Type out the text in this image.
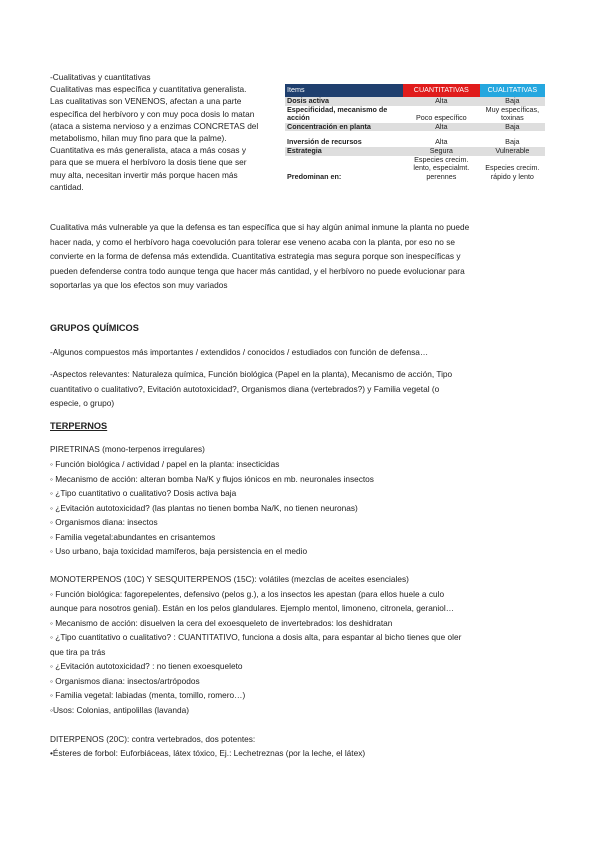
-Cualitativas y cuantitativas
Cualitativas mas específica y cuantitativa generalista.
Las cualitativas son VENENOS, afectan a una parte
específica del herbívoro y con muy poca dosis lo matan
(ataca a sistema nervioso y a enzimas CONCRETAS del
metabolismo, hilan muy fino para que la palme).
Cuantitativa es más generalista, ataca a más cosas y
para que se muera el herbívoro la dosis tiene que ser
muy alta, necesitan invertir más porque hacen más
cantidad.
Items	CUANTITATIVAS	CUALITATIVAS
Dosis activa	Alta	Baja
Especificidad, mecanismo de acción	Poco específico	Muy específicas, toxinas
Concentración en planta	Alta	Baja

Inversión de recursos	Alta	Baja
Estrategia	Segura	Vulnerable
Predominan en:	Especies crecim. lento, especialmt. perennes	Especies crecim. rápido y lento
Cualitativa más vulnerable ya que la defensa es tan específica que si hay algún animal inmune la planta no puede
hacer nada, y como el herbívoro haga coevolución para tolerar ese veneno acaba con la planta, por eso no se
convierte en la forma de defensa más extendida. Cuantitativa estrategia mas segura porque son inespecíficas y
pueden defenderse contra todo aunque tenga que hacer más cantidad, y el herbívoro no puede evolucionar para
soportarlas ya que los efectos son muy variados
GRUPOS QUÍMICOS
-Algunos compuestos más importantes / extendidos / conocidos / estudiados con función de defensa…
-Aspectos relevantes: Naturaleza química, Función biológica (Papel en la planta), Mecanismo de acción, Tipo
cuantitativo o cualitativo?, Evitación autotoxicidad?, Organismos diana (vertebrados?) y Familia vegetal (o
especie, o grupo)
TERPERNOS
PIRETRINAS (mono-terpenos irregulares)
◦ Función biológica / actividad / papel en la planta: insecticidas
◦ Mecanismo de acción: alteran bomba Na/K y flujos iónicos en mb. neuronales insectos
◦ ¿Tipo cuantitativo o cualitativo? Dosis activa baja
◦ ¿Evitación autotoxicidad? (las plantas no tienen bomba Na/K, no tienen neuronas)
◦ Organismos diana: insectos
◦ Familia vegetal:abundantes en crisantemos
◦ Uso urbano, baja toxicidad mamíferos, baja persistencia en el medio
MONOTERPENOS (10C) Y SESQUITERPENOS (15C): volátiles (mezclas de aceites esenciales)
◦ Función biológica: fagorepelentes, defensivo (pelos g.), a los insectos les apestan (para ellos huele a culo
aunque para nosotros genial). Están en los pelos glandulares. Ejemplo mentol, limoneno, citronela, geraniol…
◦ Mecanismo de acción: disuelven la cera del exoesqueleto de invertebrados: los deshidratan
◦ ¿Tipo cuantitativo o cualitativo? : CUANTITATIVO, funciona a dosis alta, para espantar al bicho tienes que oler
que tira pa trás
◦ ¿Evitación autotoxicidad? : no tienen exoesqueleto
◦ Organismos diana: insectos/artrópodos
◦ Familia vegetal: labiadas (menta, tomillo, romero…)
◦Usos: Colonias, antipolillas (lavanda)
DITERPENOS (20C): contra vertebrados, dos potentes:
•Ésteres de forbol: Euforbiáceas, látex tóxico, Ej.: Lechetreznas (por la leche, el látex)
